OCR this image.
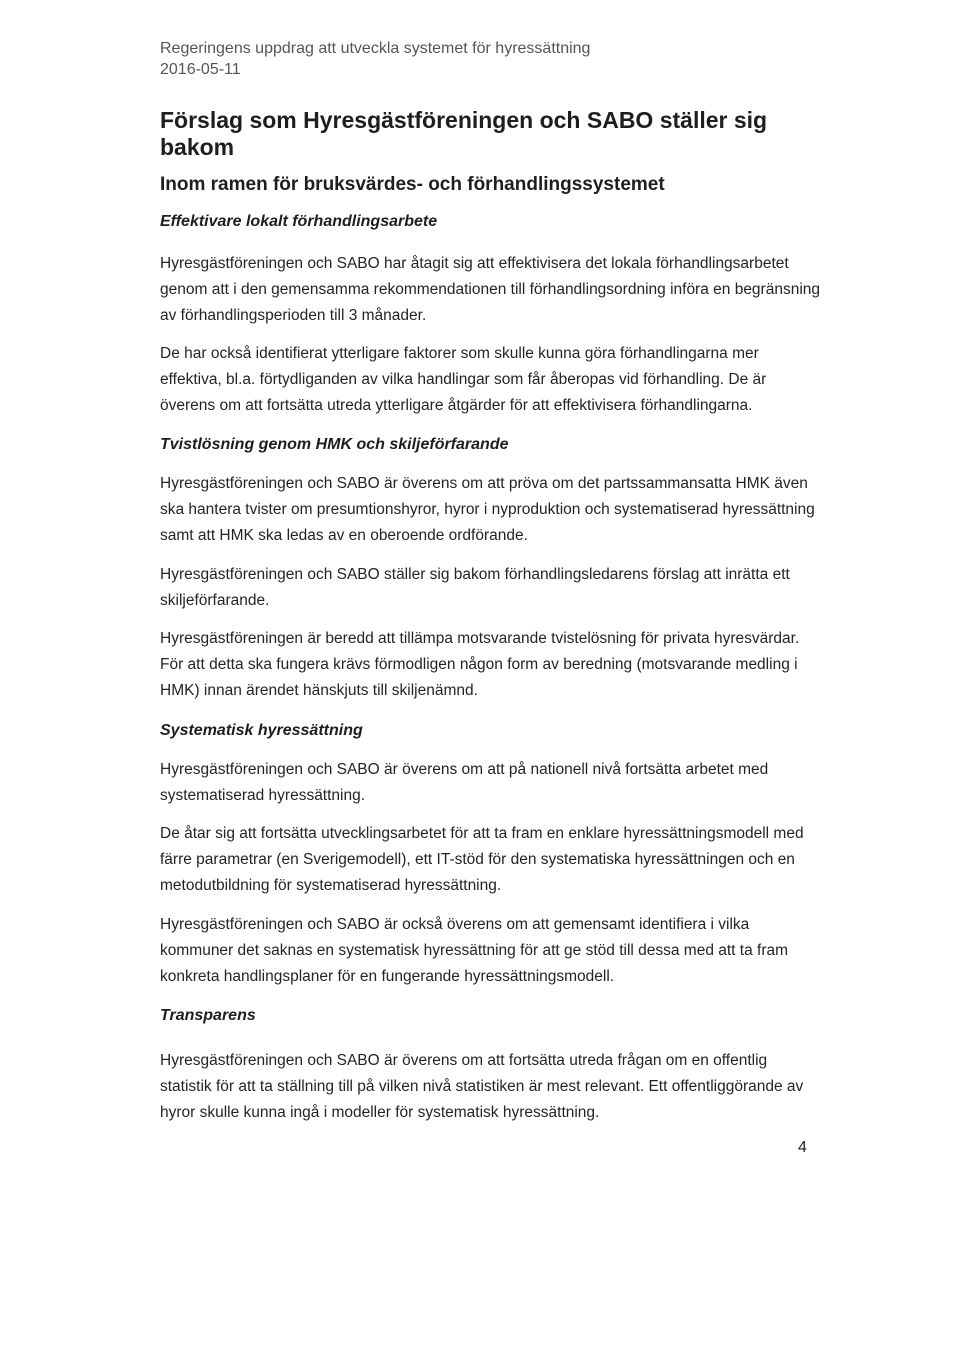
Regeringens uppdrag att utveckla systemet för hyressättning
2016-05-11
Förslag som Hyresgästföreningen och SABO ställer sig bakom
Inom ramen för bruksvärdes- och förhandlingssystemet
Effektivare lokalt förhandlingsarbete

Hyresgästföreningen och SABO har åtagit sig att effektivisera det lokala förhandlingsarbetet genom att i den gemensamma rekommendationen till förhandlingsordning införa en begränsning av förhandlingsperioden till 3 månader.

De har också identifierat ytterligare faktorer som skulle kunna göra förhandlingarna mer effektiva, bl.a. förtydliganden av vilka handlingar som får åberopas vid förhandling. De är överens om att fortsätta utreda ytterligare åtgärder för att effektivisera förhandlingarna.

Tvistlösning genom HMK och skiljeförfarande

Hyresgästföreningen och SABO är överens om att pröva om det partssammansatta HMK även ska hantera tvister om presumtionshyror, hyror i nyproduktion och systematiserad hyressättning samt att HMK ska ledas av en oberoende ordförande.

Hyresgästföreningen och SABO ställer sig bakom förhandlingsledarens förslag att inrätta ett skiljeförfarande.

Hyresgästföreningen är beredd att tillämpa motsvarande tvistelösning för privata hyresvärdar. För att detta ska fungera krävs förmodligen någon form av beredning (motsvarande medling i HMK) innan ärendet hänskjuts till skiljenämnd.

Systematisk hyressättning

Hyresgästföreningen och SABO är överens om att på nationell nivå fortsätta arbetet med systematiserad hyressättning.

De åtar sig att fortsätta utvecklingsarbetet för att ta fram en enklare hyressättningsmodell med färre parametrar (en Sverigemodell), ett IT-stöd för den systematiska hyressättningen och en metodutbildning för systematiserad hyressättning.

Hyresgästföreningen och SABO är också överens om att gemensamt identifiera i vilka kommuner det saknas en systematisk hyressättning för att ge stöd till dessa med att ta fram konkreta handlingsplaner för en fungerande hyressättningsmodell.

Transparens

Hyresgästföreningen och SABO är överens om att fortsätta utreda frågan om en offentlig statistik för att ta ställning till på vilken nivå statistiken är mest relevant. Ett offentliggörande av hyror skulle kunna ingå i modeller för systematisk hyressättning.

4
